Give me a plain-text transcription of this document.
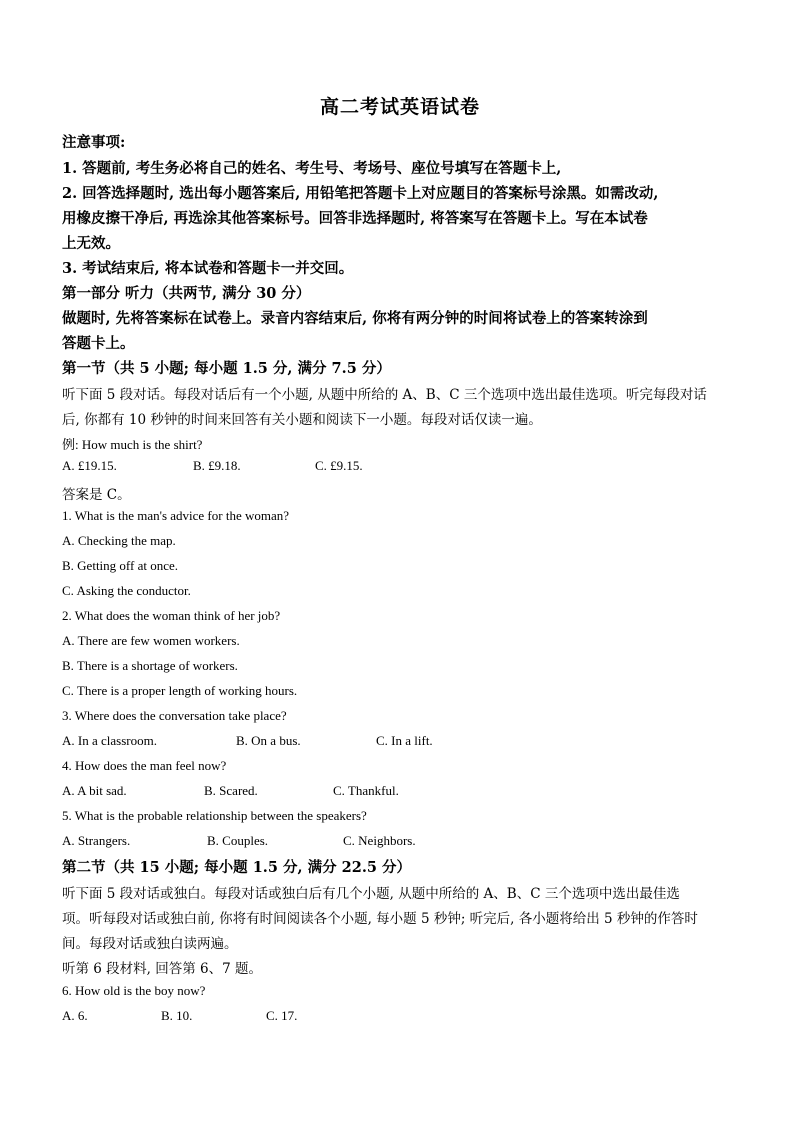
高二考试英语试卷

注意事项:

1. 答题前, 考生务必将自己的姓名、考生号、考场号、座位号填写在答题卡上,

2. 回答选择题时, 选出每小题答案后, 用铅笔把答题卡上对应题目的答案标号涂黑。如需改动,

用橡皮擦干净后, 再选涂其他答案标号。回答非选择题时, 将答案写在答题卡上。写在本试卷

上无效。

3. 考试结束后, 将本试卷和答题卡一并交回。

第一部分 听力（共两节, 满分 30 分）

做题时, 先将答案标在试卷上。录音内容结束后, 你将有两分钟的时间将试卷上的答案转涂到

答题卡上。

第一节（共 5 小题; 每小题 1.5 分, 满分 7.5 分）

听下面 5 段对话。每段对话后有一个小题, 从题中所给的 A、B、C 三个选项中选出最佳选项。听完每段对话

后, 你都有 10 秒钟的时间来回答有关小题和阅读下一小题。每段对话仅读一遍。

例: How much is the shirt?

A. £19.15.	B. £9.18.	C. £9.15.

答案是 C。

1. What is the man's advice for the woman?

A. Checking the map.

B. Getting off at once.

C. Asking the conductor.

2. What does the woman think of her job?

A. There are few women workers.

B. There is a shortage of workers.

C. There is a proper length of working hours.

3. Where does the conversation take place?

A. In a classroom.	B. On a bus.	C. In a lift.

4. How does the man feel now?

A. A bit sad.	B. Scared.	C. Thankful.

5. What is the probable relationship between the speakers?

A. Strangers.	B. Couples.	C. Neighbors.

第二节（共 15 小题; 每小题 1.5 分, 满分 22.5 分）

听下面 5 段对话或独白。每段对话或独白后有几个小题, 从题中所给的 A、B、C 三个选项中选出最佳选

项。听每段对话或独白前, 你将有时间阅读各个小题, 每小题 5 秒钟; 听完后, 各小题将给出 5 秒钟的作答时

间。每段对话或独白读两遍。

听第 6 段材料, 回答第 6、7 题。

6. How old is the boy now?

A. 6.	B. 10.	C. 17.
